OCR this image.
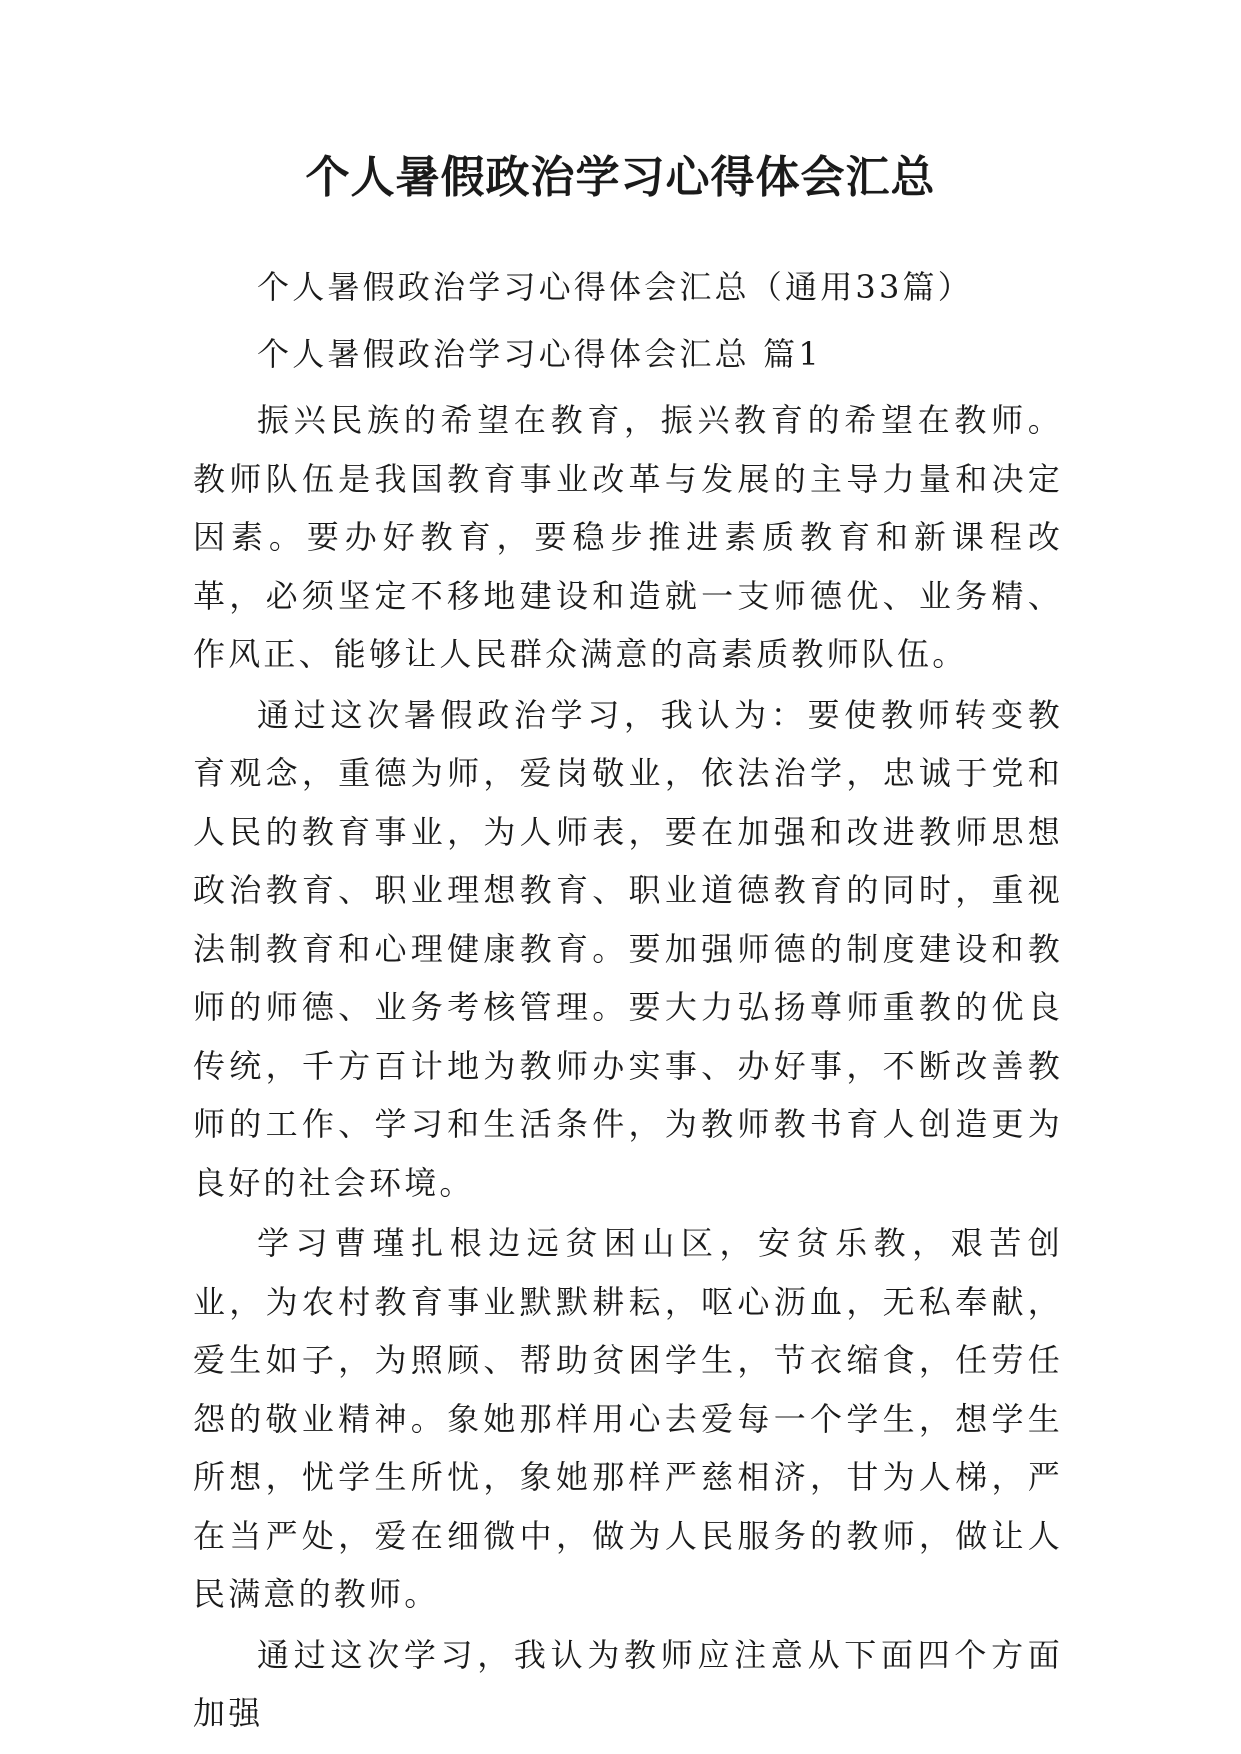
个人暑假政治学习心得体会汇总

个人暑假政治学习心得体会汇总（通用33篇）

个人暑假政治学习心得体会汇总 篇1

振兴民族的希望在教育，振兴教育的希望在教师。教师队伍是我国教育事业改革与发展的主导力量和决定因素。要办好教育，要稳步推进素质教育和新课程改革，必须坚定不移地建设和造就一支师德优、业务精、作风正、能够让人民群众满意的高素质教师队伍。

通过这次暑假政治学习，我认为：要使教师转变教育观念，重德为师，爱岗敬业，依法治学，忠诚于党和人民的教育事业，为人师表，要在加强和改进教师思想政治教育、职业理想教育、职业道德教育的同时，重视法制教育和心理健康教育。要加强师德的制度建设和教师的师德、业务考核管理。要大力弘扬尊师重教的优良传统，千方百计地为教师办实事、办好事，不断改善教师的工作、学习和生活条件，为教师教书育人创造更为良好的社会环境。

学习曹瑾扎根边远贫困山区，安贫乐教，艰苦创业，为农村教育事业默默耕耘，呕心沥血，无私奉献，爱生如子，为照顾、帮助贫困学生，节衣缩食，任劳任怨的敬业精神。象她那样用心去爱每一个学生，想学生所想，忧学生所忧，象她那样严慈相济，甘为人梯，严在当严处，爱在细微中，做为人民服务的教师，做让人民满意的教师。

通过这次学习，我认为教师应注意从下面四个方面加强
